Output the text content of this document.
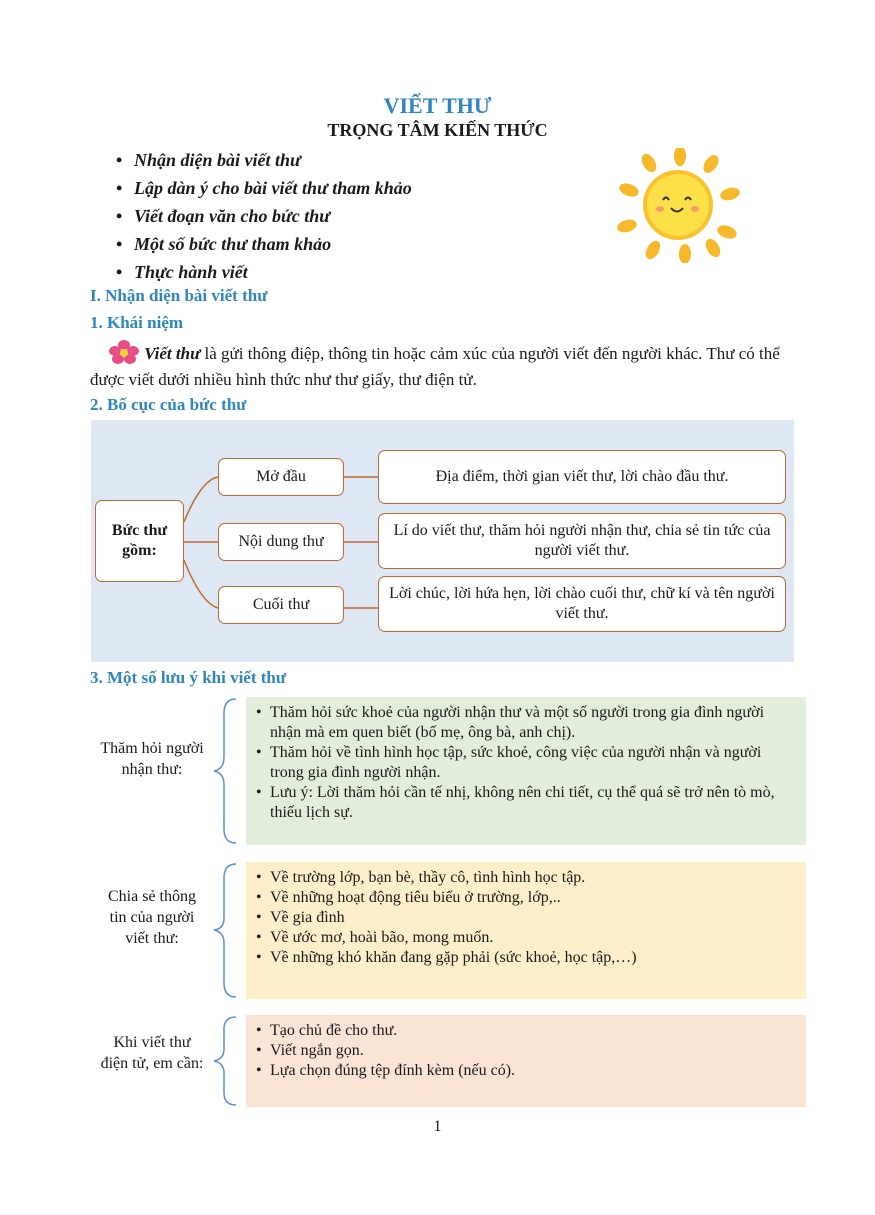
VIẾT THƯ
TRỌNG TÂM KIẾN THỨC
• Nhận diện bài viết thư
• Lập dàn ý cho bài viết thư tham khảo
• Viết đoạn văn cho bức thư
• Một số bức thư tham khảo
• Thực hành viết
I. Nhận diện bài viết thư
1. Khái niệm
Viết thư là gửi thông điệp, thông tin hoặc cảm xúc của người viết đến người khác. Thư có thể được viết dưới nhiều hình thức như thư giấy, thư điện tử.
2. Bố cục của bức thư
Bức thư gồm:
Mở đầu	Địa điểm, thời gian viết thư, lời chào đầu thư.
Nội dung thư
Lí do viết thư, thăm hỏi người nhận thư, chia sẻ tin tức của người viết thư.
Cuối thư
Lời chúc, lời hứa hẹn, lời chào cuối thư, chữ kí và tên người viết thư.
3. Một số lưu ý khi viết thư
Thăm hỏi người nhận thư:
• Thăm hỏi sức khoẻ của người nhận thư và một số người trong gia đình người nhận mà em quen biết (bố mẹ, ông bà, anh chị).
• Thăm hỏi về tình hình học tập, sức khoẻ, công việc của người nhận và người trong gia đình người nhận.
• Lưu ý: Lời thăm hỏi cần tế nhị, không nên chi tiết, cụ thể quá sẽ trở nên tò mò, thiếu lịch sự.
Chia sẻ thông tin của người viết thư:
• Về trường lớp, bạn bè, thầy cô, tình hình học tập.
• Về những hoạt động tiêu biểu ở trường, lớp,..
• Về gia đình
• Về ước mơ, hoài bão, mong muốn.
• Về những khó khăn đang gặp phải (sức khoẻ, học tập,…)
Khi viết thư điện tử, em cần:
• Tạo chủ đề cho thư.
• Viết ngắn gọn.
• Lựa chọn đúng tệp đính kèm (nếu có).
1
